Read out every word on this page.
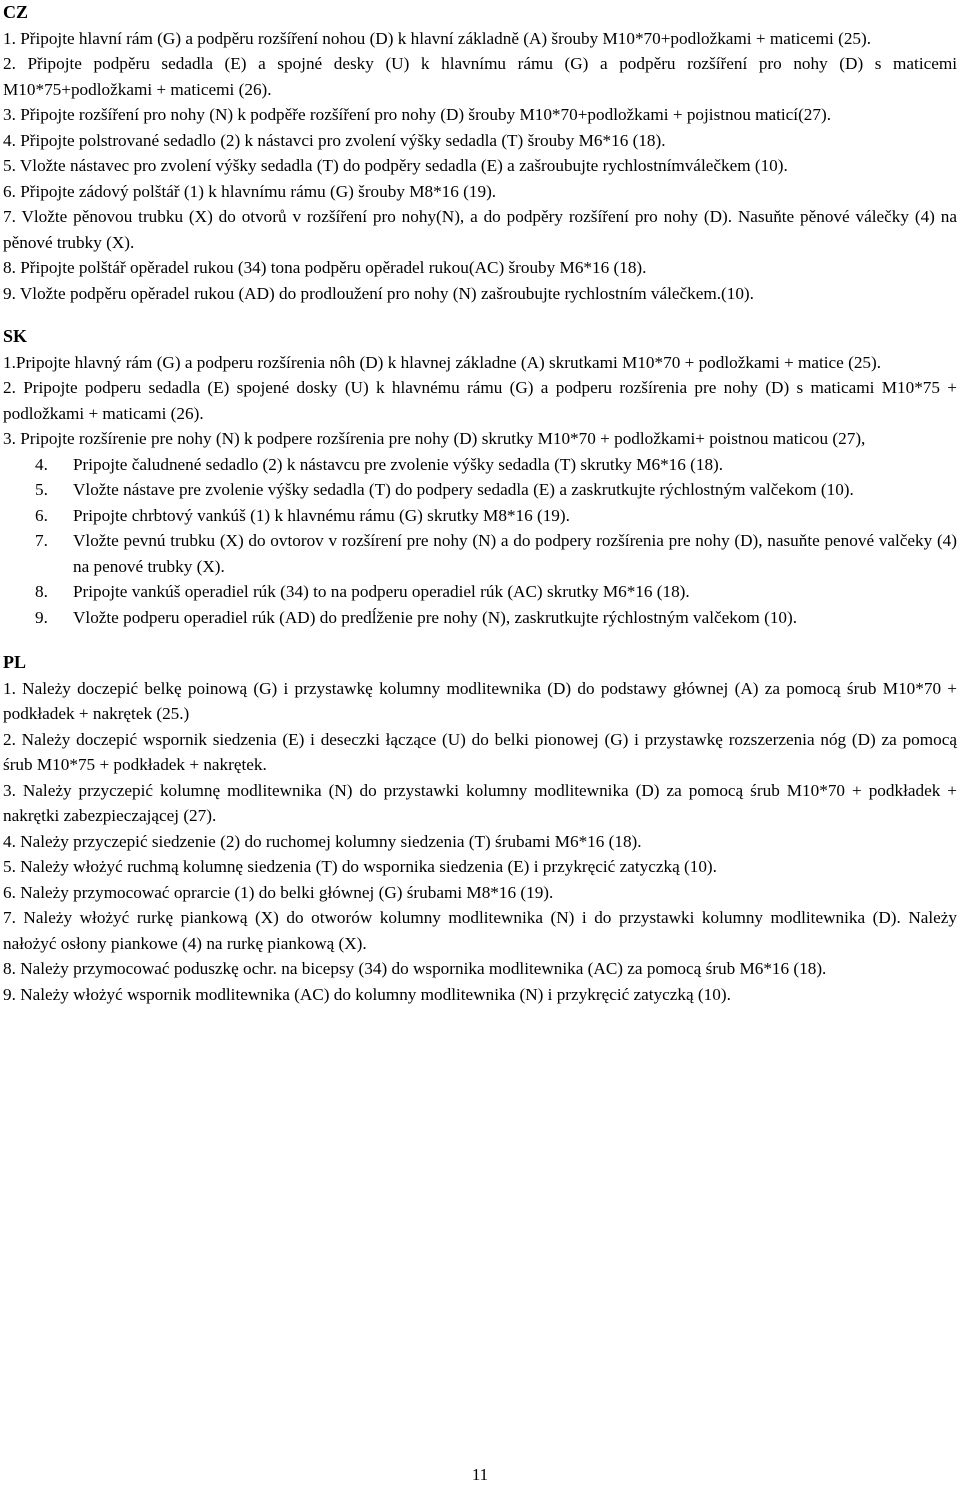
CZ
1. Připojte hlavní rám (G) a podpěru rozšíření nohou (D) k hlavní základně (A) šrouby M10*70+podložkami + maticemi (25).
2. Připojte podpěru sedadla (E) a spojné desky (U) k hlavnímu rámu (G) a podpěru rozšíření pro nohy (D) s maticemi M10*75+podložkami + maticemi (26).
3. Připojte rozšíření pro nohy (N) k podpěře rozšíření pro nohy (D) šrouby M10*70+podložkami + pojistnou maticí(27).
4. Připojte polstrované sedadlo (2) k nástavci pro zvolení výšky sedadla (T) šrouby M6*16 (18).
5. Vložte nástavec pro zvolení výšky sedadla (T) do podpěry sedadla (E) a zašroubujte rychlostnímválečkem (10).
6. Připojte zádový polštář (1) k hlavnímu rámu (G) šrouby M8*16 (19).
7. Vložte pěnovou trubku (X) do otvorů v rozšíření pro nohy(N), a do podpěry rozšíření pro nohy (D). Nasuňte pěnové válečky (4) na pěnové trubky (X).
8. Připojte polštář opěradel rukou (34) tona podpěru opěradel rukou(AC) šrouby M6*16 (18).
9. Vložte podpěru opěradel rukou (AD) do prodloužení pro nohy (N) zašroubujte rychlostním válečkem.(10).
SK
1.Pripojte hlavný rám (G) a podperu rozšírenia nôh (D) k hlavnej základne (A) skrutkami M10*70 + podložkami + matice (25).
2. Pripojte podperu sedadla (E) spojené dosky (U) k hlavnému rámu (G) a podperu rozšírenia pre nohy (D) s maticami M10*75 + podložkami + maticami (26).
3. Pripojte rozšírenie pre nohy (N) k podpere rozšírenia pre nohy (D) skrutky M10*70 + podložkami+ poistnou maticou (27),
4.	Pripojte čaludnené sedadlo (2) k nástavcu pre zvolenie výšky sedadla (T) skrutky M6*16 (18).
5.	Vložte nástave pre zvolenie výšky sedadla (T) do podpery sedadla (E) a zaskrutkujte rýchlostným valčekom (10).
6.	Pripojte chrbtový vankúš (1) k hlavnému rámu (G) skrutky M8*16 (19).
7.	Vložte pevnú trubku (X) do ovtorov v rozšírení pre nohy (N) a do podpery rozšírenia pre nohy (D), nasuňte penové valčeky (4) na penové trubky (X).
8.	Pripojte vankúš operadiel rúk (34) to na podperu operadiel rúk (AC) skrutky M6*16 (18).
9.	Vložte podperu operadiel rúk (AD) do predĺženie pre nohy (N), zaskrutkujte rýchlostným valčekom (10).
PL
1. Należy doczepić belkę poinową (G) i przystawkę kolumny modlitewnika (D) do podstawy głównej (A) za pomocą śrub M10*70 + podkładek + nakrętek (25.)
2. Należy doczepić wspornik siedzenia (E) i deseczki łączące (U) do belki pionowej (G) i przystawkę rozszerzenia nóg (D) za pomocą śrub M10*75 + podkładek + nakrętek.
3. Należy przyczepić kolumnę modlitewnika (N) do przystawki kolumny modlitewnika (D) za pomocą śrub M10*70 + podkładek + nakrętki zabezpieczającej (27).
4. Należy przyczepić siedzenie (2) do ruchomej kolumny siedzenia (T) śrubami M6*16 (18).
5. Należy włożyć ruchmą kolumnę siedzenia (T) do wspornika siedzenia (E) i przykręcić zatyczką (10).
6. Należy przymocować oprarcie (1) do belki głównej (G) śrubami M8*16 (19).
7. Należy włożyć rurkę piankową (X) do otworów kolumny modlitewnika (N) i do przystawki kolumny modlitewnika (D). Należy nałożyć osłony piankowe (4) na rurkę piankową (X).
8. Należy przymocować poduszkę ochr. na bicepsy (34) do wspornika modlitewnika (AC) za pomocą śrub M6*16 (18).
9. Należy włożyć wspornik modlitewnika (AC) do kolumny modlitewnika (N) i przykręcić zatyczką (10).
11
